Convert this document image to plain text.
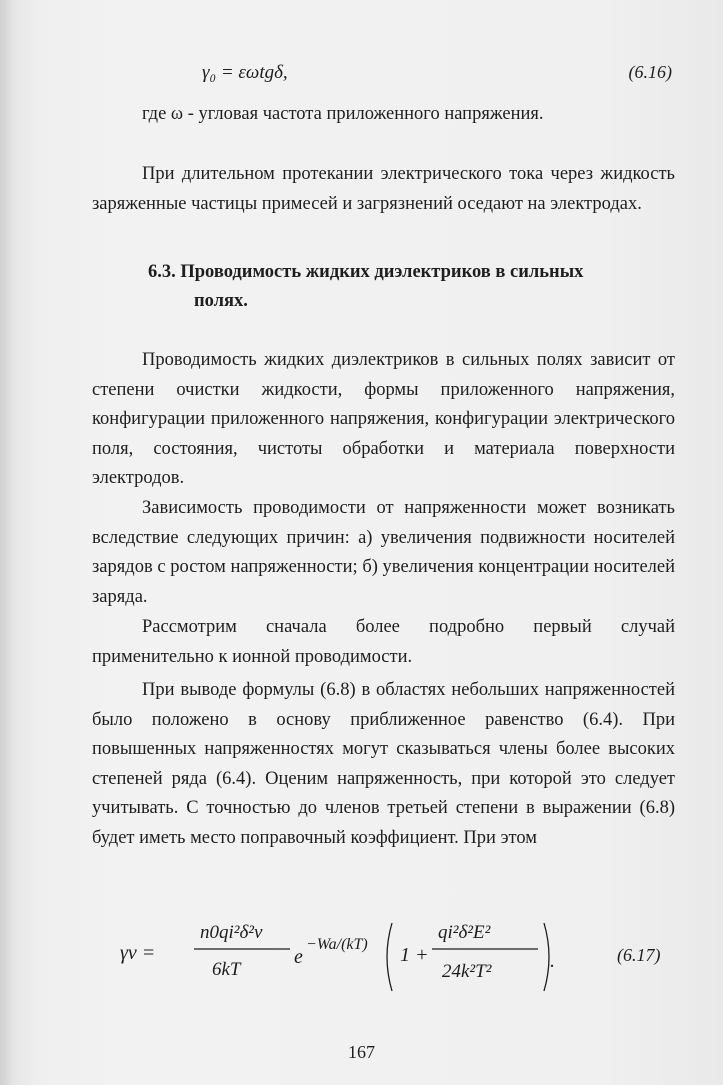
γ₀ = εωtgδ,	(6.16)
где ω - угловая частота приложенного напряжения.
При длительном протекании электрического тока через жидкость заряженные частицы примесей и загрязнений оседают на электродах.
6.3. Проводимость жидких диэлектриков в сильных
полях.
Проводимость жидких диэлектриков в сильных полях зависит от степени очистки жидкости, формы приложенного напряжения, конфигурации приложенного напряжения, конфигурации электрического поля, состояния, чистоты обработки и материала поверхности электродов.
Зависимость проводимости от напряженности может возникать вследствие следующих причин: а) увеличения подвижности носителей зарядов с ростом напряженности; б) увеличения концентрации носителей заряда.
Рассмотрим сначала более подробно первый случай применительно к ионной проводимости.
При выводе формулы (6.8) в областях небольших напряженностей было положено в основу приближенное равенство (6.4). При повышенных напряженностях могут сказываться члены более высоких степеней ряда (6.4). Оценим напряженность, при которой это следует учитывать. С точностью до членов третьей степени в выражении (6.8) будет иметь место поправочный коэффициент. При этом
γv =
n0qi²δ²ν
6kT
e
−Wa/(kT) 1 +
qi²δ²E²
24k²T²	.	(6.17)
167
